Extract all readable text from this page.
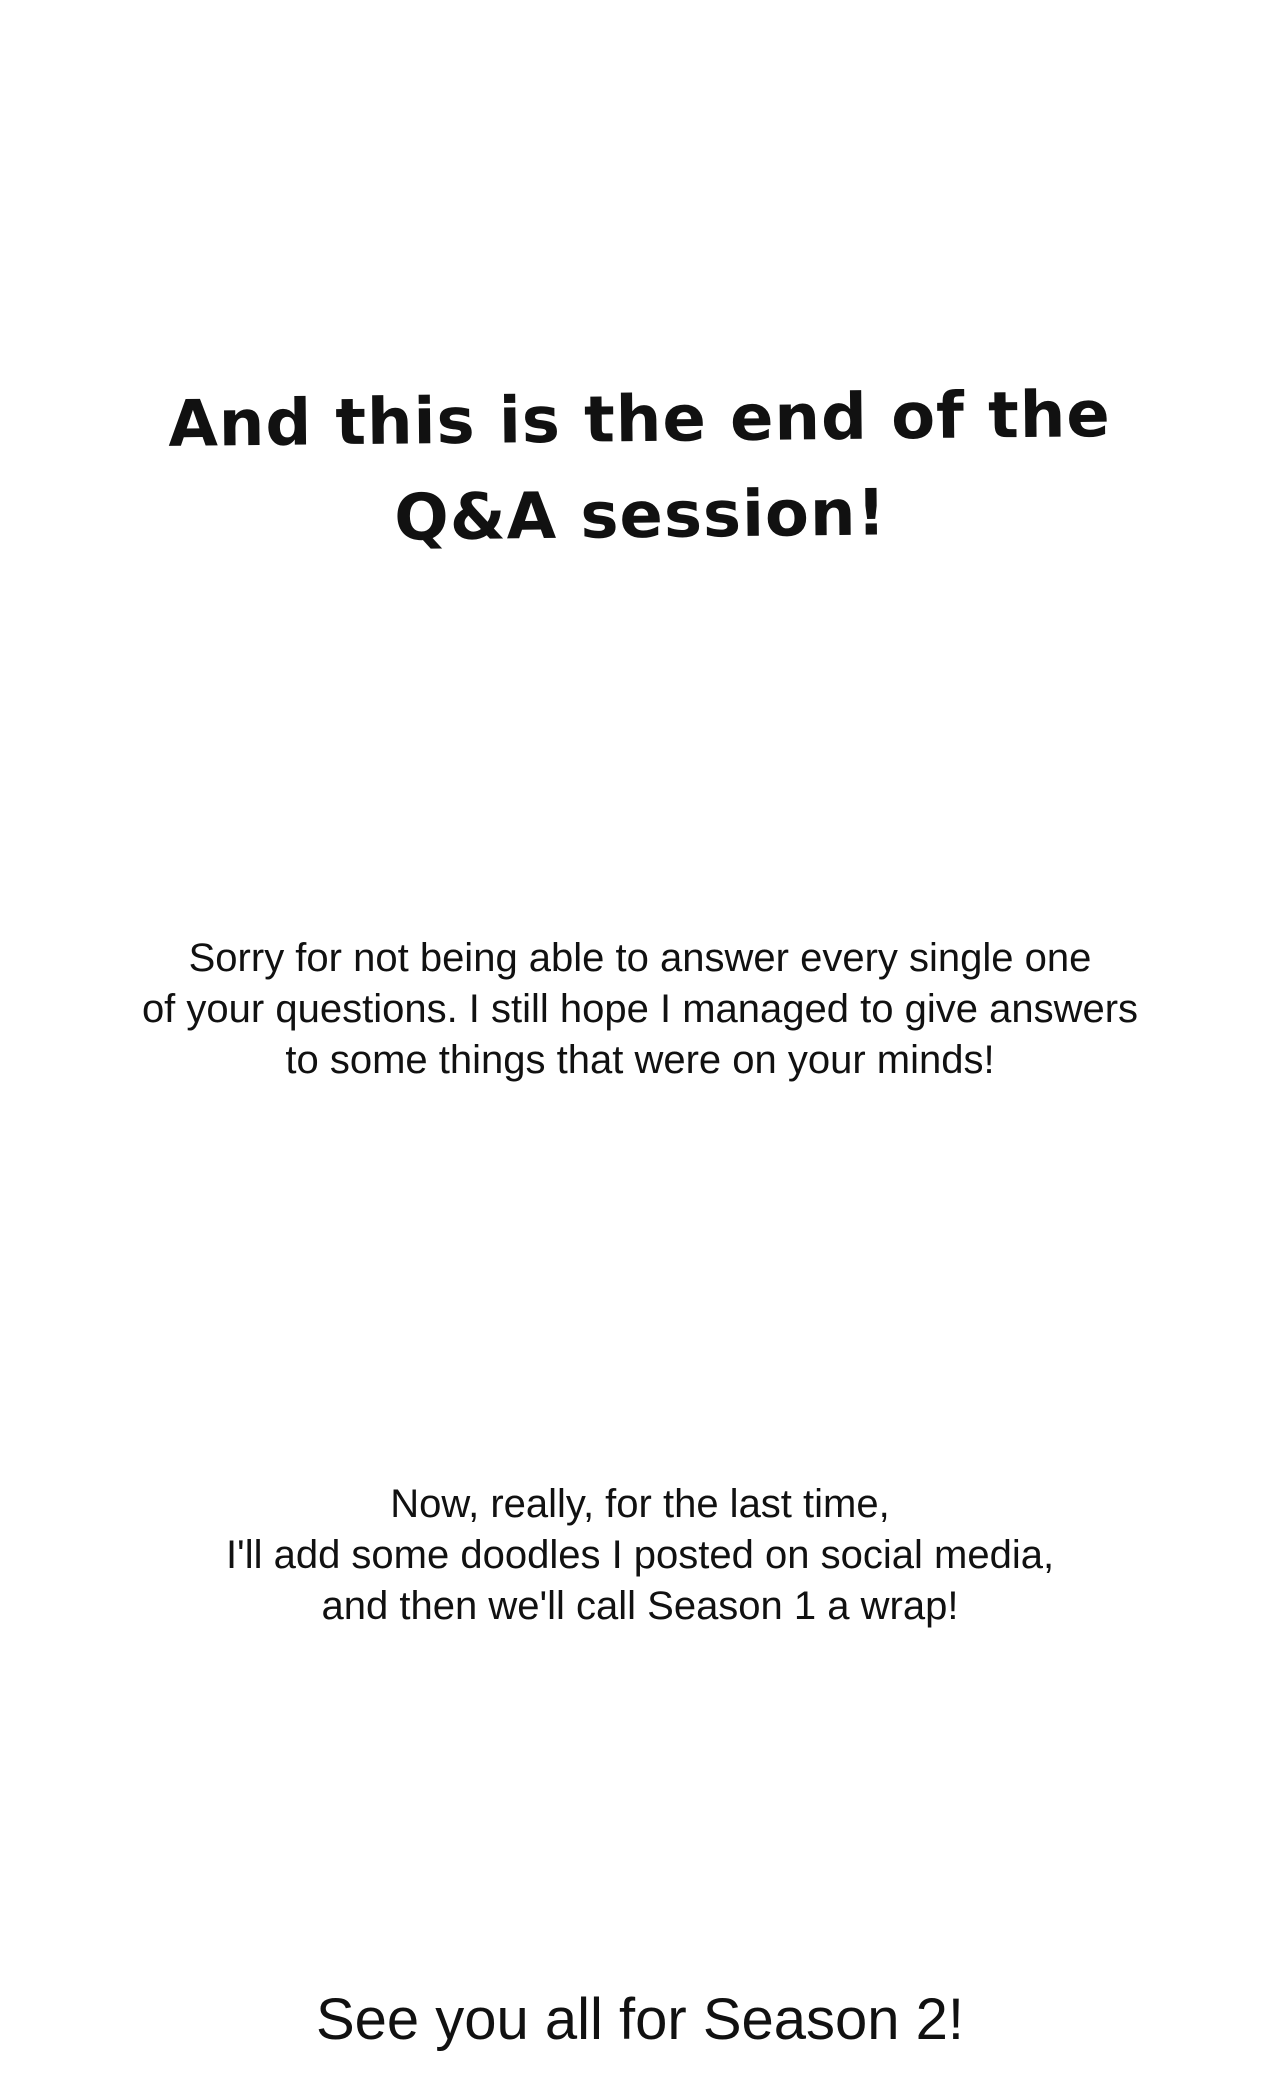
And this is the end of the
Q&A session!
Sorry for not being able to answer every single one
of your questions. I still hope I managed to give answers
to some things that were on your minds!
Now, really, for the last time,
I'll add some doodles I posted on social media,
and then we'll call Season 1 a wrap!
See you all for Season 2!
